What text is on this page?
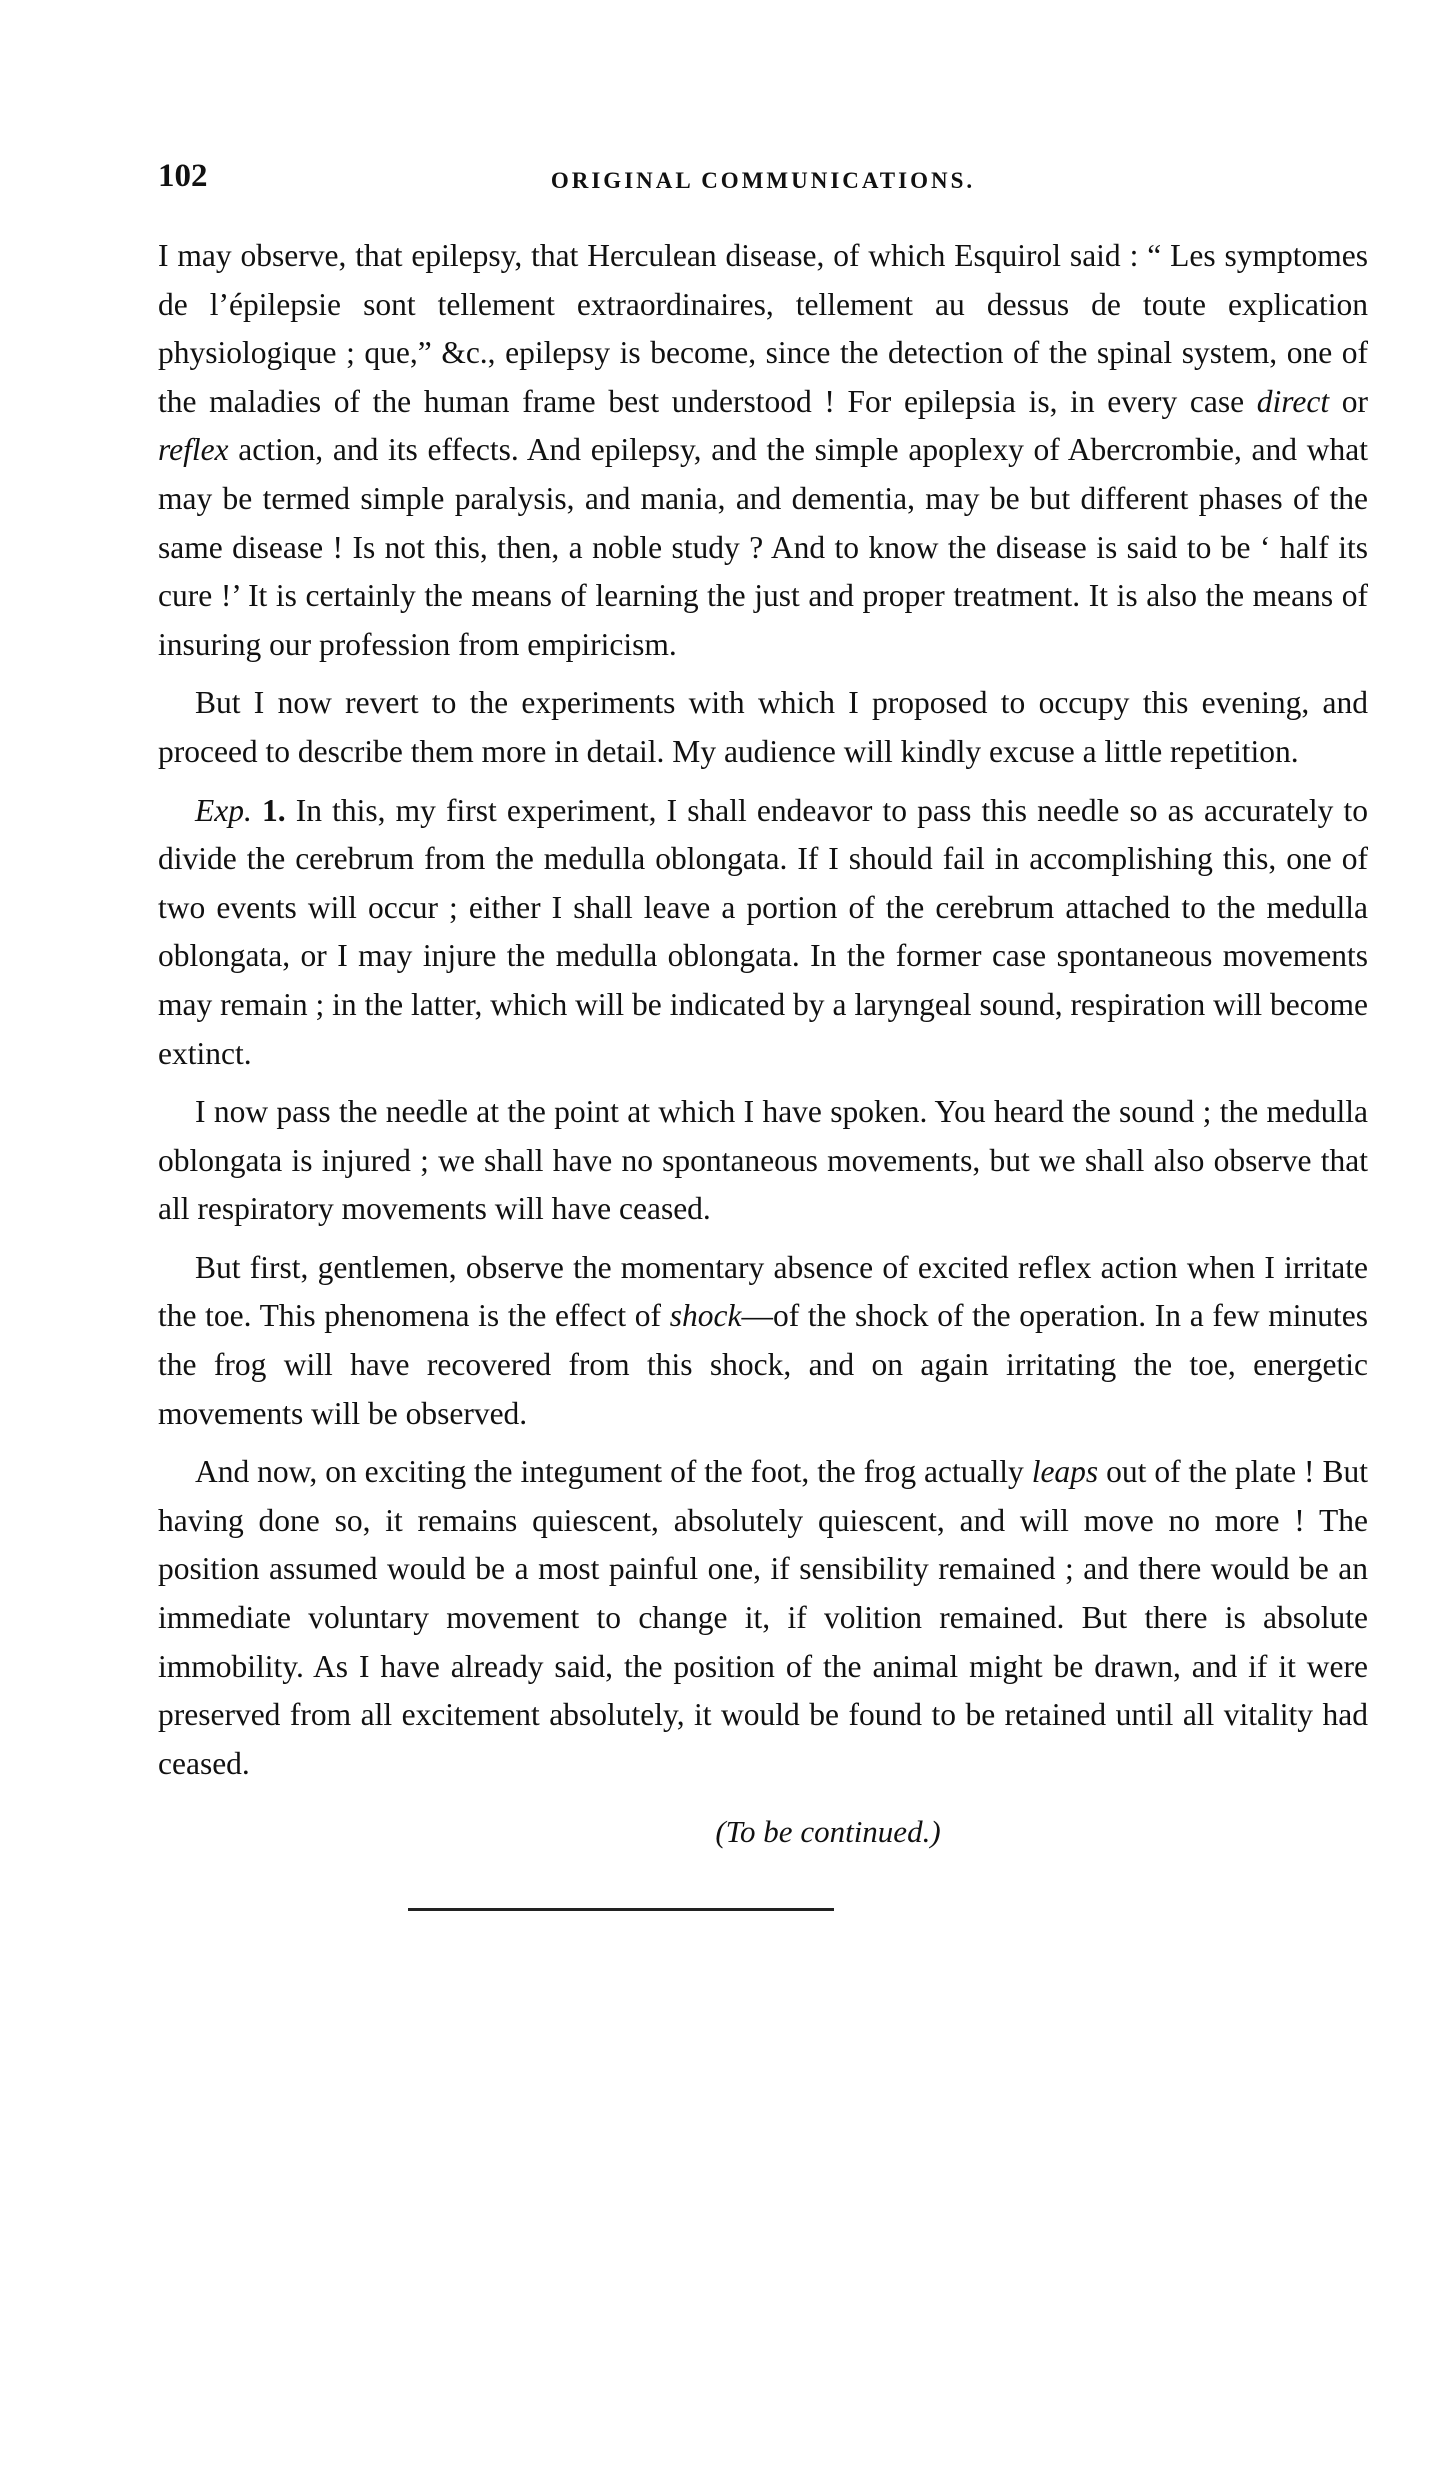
102	ORIGINAL COMMUNICATIONS.

I may observe, that epilepsy, that Herculean disease, of which Esquirol said : “ Les symptomes de l’épilepsie sont tellement extraordinaires, tellement au dessus de toute explication physiologique ; que,” &c., epilepsy is become, since the detection of the spinal system, one of the maladies of the human frame best understood ! For epilepsia is, in every case direct or reflex action, and its effects. And epilepsy, and the simple apoplexy of Abercrombie, and what may be termed simple paralysis, and mania, and dementia, may be but different phases of the same disease ! Is not this, then, a noble study ? And to know the disease is said to be ‘ half its cure !’ It is certainly the means of learning the just and proper treatment. It is also the means of insuring our profession from empiricism.

But I now revert to the experiments with which I proposed to occupy this evening, and proceed to describe them more in detail. My audience will kindly excuse a little repetition.

Exp. 1. In this, my first experiment, I shall endeavor to pass this needle so as accurately to divide the cerebrum from the medulla oblongata. If I should fail in accomplishing this, one of two events will occur ; either I shall leave a portion of the cerebrum attached to the medulla oblongata, or I may injure the medulla oblongata. In the former case spontaneous movements may remain ; in the latter, which will be indicated by a laryngeal sound, respiration will become extinct.

I now pass the needle at the point at which I have spoken. You heard the sound ; the medulla oblongata is injured ; we shall have no spontaneous movements, but we shall also observe that all respiratory movements will have ceased.

But first, gentlemen, observe the momentary absence of excited reflex action when I irritate the toe. This phenomena is the effect of shock—of the shock of the operation. In a few minutes the frog will have recovered from this shock, and on again irritating the toe, energetic movements will be observed.

And now, on exciting the integument of the foot, the frog actually leaps out of the plate ! But having done so, it remains quiescent, absolutely quiescent, and will move no more ! The position assumed would be a most painful one, if sensibility remained ; and there would be an immediate voluntary movement to change it, if volition remained. But there is absolute immobility. As I have already said, the position of the animal might be drawn, and if it were preserved from all excitement absolutely, it would be found to be retained until all vitality had ceased.

(To be continued.)
